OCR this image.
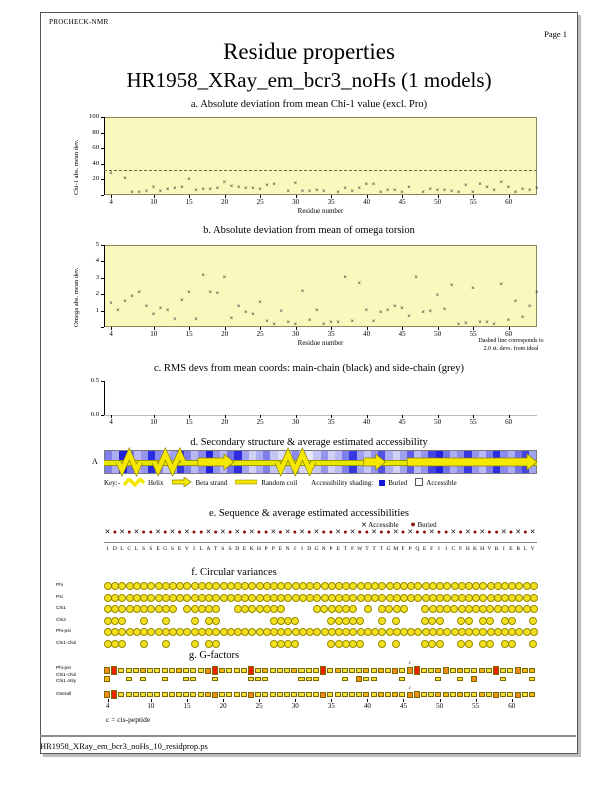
PROCHECK-NMR
Page 1
Residue properties
HR1958_XRay_em_bcr3_noHs (1 models)
a. Absolute deviation from mean Chi-1 value (excl. Pro)
b. Absolute deviation from mean of omega torsion
c. RMS devs from mean coords: main-chain (black) and side-chain (grey)
d. Secondary structure & average estimated accessibility
e. Sequence & average estimated accessibilities
f. Circular variances
g. G-factors
20
40
60
80
100
Chi-1 abs. mean dev.
4	10	15	20	25	30	35	40	45	50	55	60
Residue number
×
×
× × ×
×
× × × ×
×
× × × ×
×
× × × × ×
× ×
×
×
× × × × ×
×
×
×
× ×
× × × ×
×
×
× × × × ×
×
×
×
×
×
×
×
×
× × ×
1
2
3
4
5
Omega abs. mean dev.
4	10	15	20	25	30	35	40	45	50	55	60
Residue number
×
×
×
×
×
×
×
× ×
×
×
×
×
×
× ×
×
×
×
× ×
×
× ×
×
× ×
×
×
×
× × ×
×
×
×
×
×
× ×
× ×
×
×
× ×
×
×
×
× ×
×
× × ×
×
×
×
×
×
×
0.0
0.5
4	10	15	20	25	30	35	40	45	50	55	60
Dashed line corresponds to
2.0 st. devs. from ideal
A
Key:-	Helix	Beta strand	Random coil Accessibility shading: Buried	Accessible
✕ Accessible ● Buried
✕ ● ✕ ● ✕ ● ● ✕ ● ✕ ● ✕ ● ● ✕ ● ✕ ● ✕ ● ✕ ● ● ✕ ● ✕ ● ✕ ● ✕ ● ● ✕ ● ✕ ● ● ✕ ● ● ✕ ● ✕ ● ● ✕ ● ● ✕ ● ✕ ● ✕ ● ● ✕ ● ✕ ● ✕
I D L C L S S E G S E V I L A T S S D E K H P P E N I I D G N P E T F W T T T G M F P Q E F I I C F H K H V R I E R L V
Phi
Psi
Chi1
Chi2
Phi-psi
Chi1-chi2
Phi-psi
Chi1-chi2
Chi1 only
Overall
c
c
4	10	15	20	25	30	35	40	45	50	55	60
c = cis-peptide
HR1958_XRay_em_bcr3_noHs_10_residprop.ps
